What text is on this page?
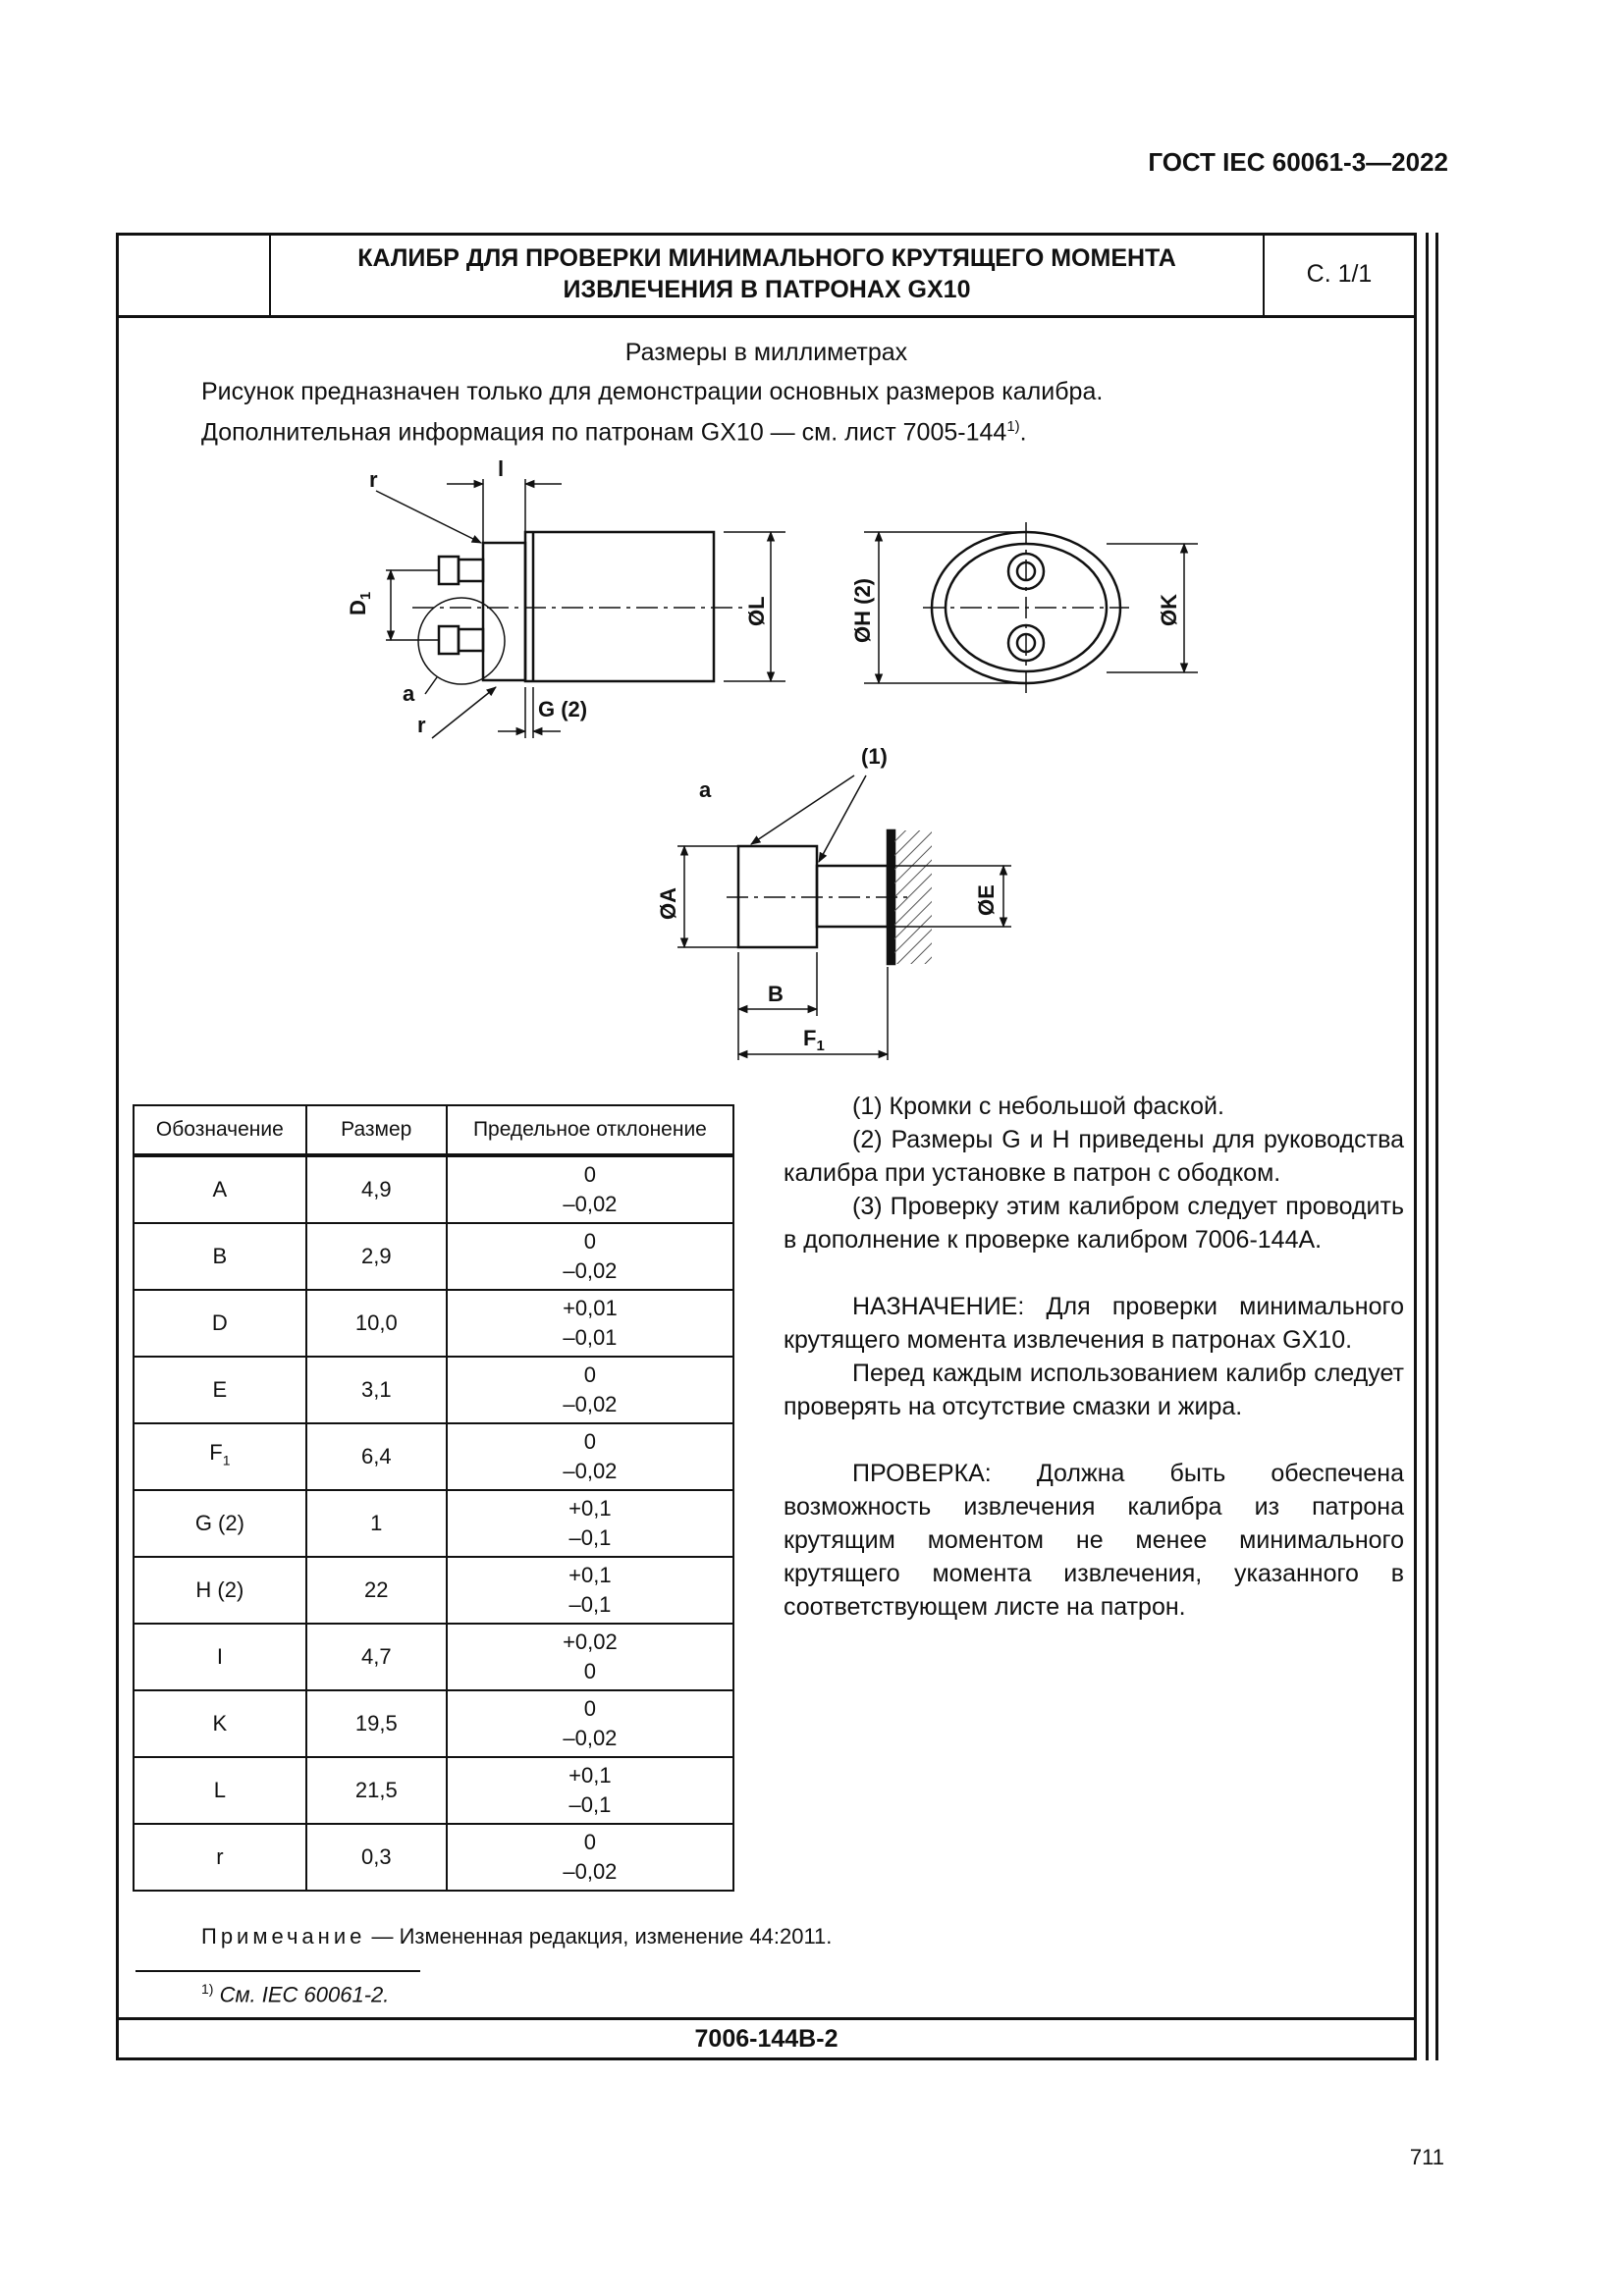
ГОСТ IEC 60061-3—2022
КАЛИБР ДЛЯ ПРОВЕРКИ МИНИМАЛЬНОГО КРУТЯЩЕГО МОМЕНТА ИЗВЛЕЧЕНИЯ В ПАТРОНАХ GX10
С. 1/1
Размеры в миллиметрах
Рисунок предназначен только для демонстрации основных размеров калибра.
Дополнительная информация по патронам GX10 — см. лист 7005-144$^{1)}$.
r	l
$D_1$
a
r
G (2)
ØL	ØH (2)	ØK
(1)
a
ØA	ØE
B
$F_1$
Обозначение	Размер	Предельное отклонение
A	4,9	0
–0,02

B	2,9	0
–0,02

D	10,0	+0,01
–0,01

E	3,1	0
–0,02

$F_1$	6,4	0
–0,02

G (2)	1	+0,1
–0,1

H (2)	22	+0,1
–0,1

I	4,7	+0,02
0

K	19,5	0
–0,02

L	21,5	+0,1
–0,1

r	0,3	0
–0,02

(1) Кромки с небольшой фаской.

(2) Размеры G и H приведены для руководства калибра при установке в патрон с ободком.

(3) Проверку этим калибром следует проводить в дополнение к проверке калибром 7006-144A.

НАЗНАЧЕНИЕ: Для проверки минимального крутящего момента извлечения в патронах GX10.

Перед каждым использованием калибр следует проверять на отсутствие смазки и жира.

ПРОВЕРКА: Должна быть обеспечена возможность извлечения калибра из патрона крутящим моментом не менее минимального крутящего момента извлечения, указанного в соответствующем листе на патрон.

Примечание — Измененная редакция, изменение 44:2011.
$^{1)}$ См. IEC 60061-2.
7006-144B-2
711
